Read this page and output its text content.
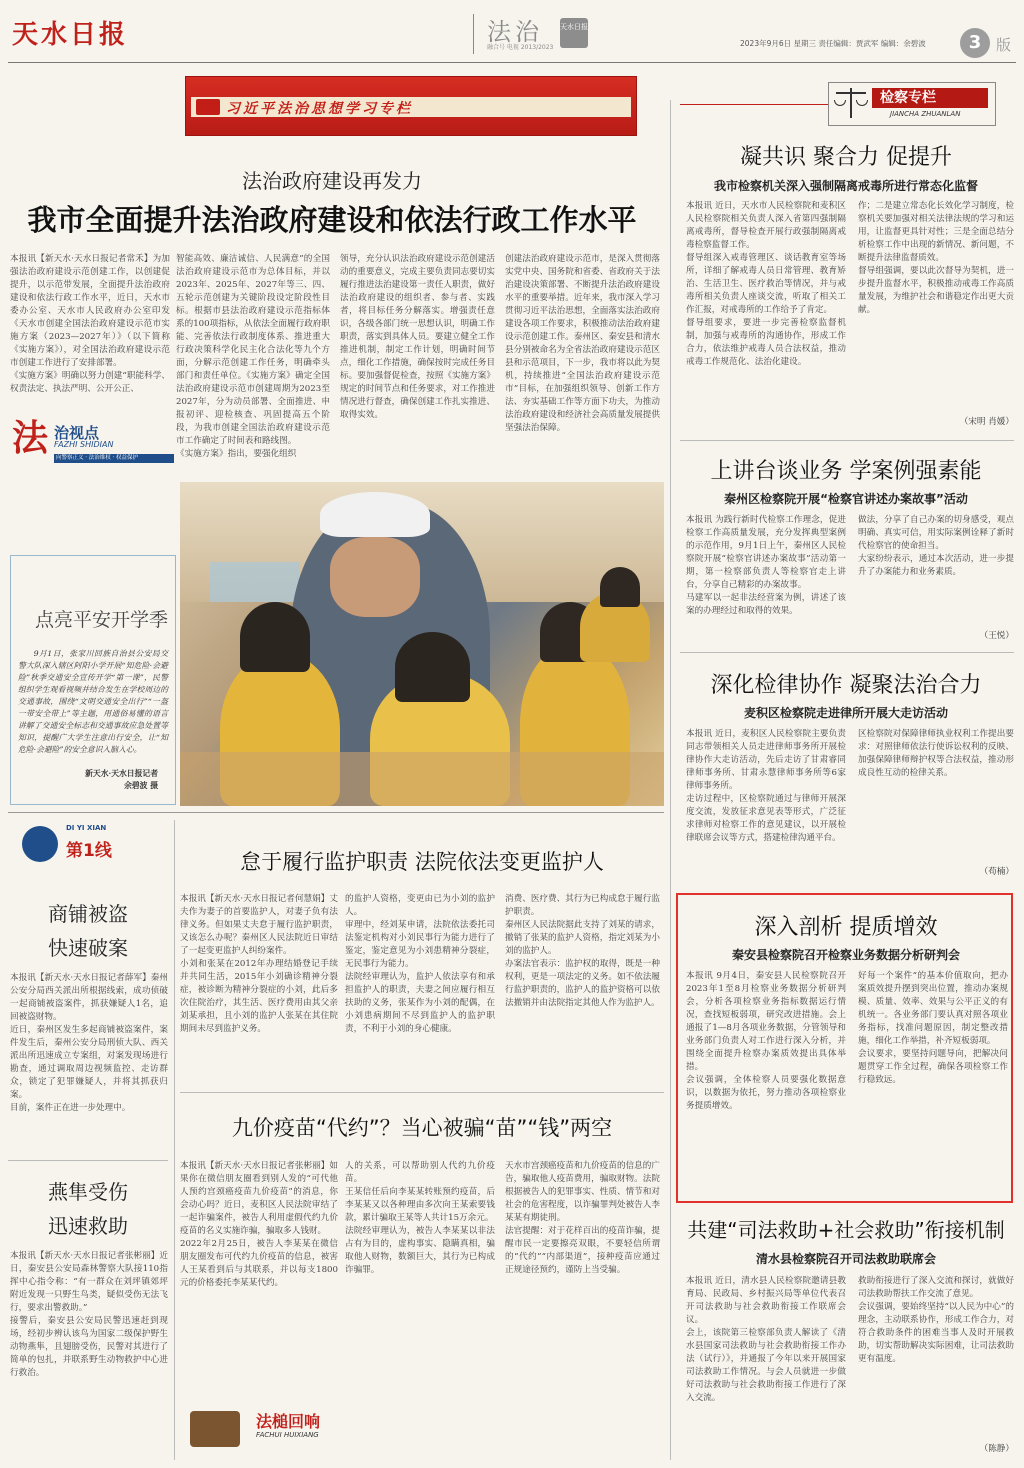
天水日报	法治
融合号 电视 2013/2023
天水日报
2023年9月6日 星期三 责任编辑：贾武军 编辑：余碧波	3 版
习近平法治思想学习专栏
法治政府建设再发力
我市全面提升法治政府建设和依法行政工作水平
本报讯【新天水·天水日报记者常禾】为加强法治政府建设示范创建工作，以创建促提升，以示范带发展，全面提升法治政府建设和依法行政工作水平，近日，天水市委办公室、天水市人民政府办公室印发《天水市创建全国法治政府建设示范市实施方案（2023—2027年）》（以下简称《实施方案》），对全国法治政府建设示范市创建工作进行了安排部署。
《实施方案》明确以努力创建“职能科学、权责法定、执法严明、公开公正、
智能高效、廉洁诚信、人民满意”的全国法治政府建设示范市为总体目标，并以2023年、2025年、2027年等三、四、五轮示范创建为关键阶段设定阶段性目标。根据市县法治政府建设示范指标体系的100项指标，从依法全面履行政府职能、完善依法行政制度体系、推进重大行政决策科学化民主化合法化等九个方面，分解示范创建工作任务，明确牵头部门和责任单位。《实施方案》确定全国法治政府建设示范市创建周期为2023至2027年，分为动员部署、全面推进、申报初评、迎检核查、巩固提高五个阶段，为我市创建全国法治政府建设示范市工作确定了时间表和路线图。
《实施方案》指出，要强化组织
领导，充分认识法治政府建设示范创建活动的重要意义，完成主要负责同志要切实履行推进法治建设第一责任人职责，做好法治政府建设的组织者、参与者、实践者，将目标任务分解落实。增强责任意识，各级各部门统一思想认识，明确工作职责，落实到具体人员。要建立健全工作推进机制，制定工作计划，明确时间节点，细化工作措施，确保按时完成任务目标。要加强督促检查，按照《实施方案》规定的时间节点和任务要求，对工作推进情况进行督查，确保创建工作扎实推进、取得实效。
创建法治政府建设示范市，是深入贯彻落实党中央、国务院和省委、省政府关于法治建设决策部署、不断提升法治政府建设水平的重要举措。近年来，我市深入学习贯彻习近平法治思想，全面落实法治政府建设各项工作要求，积极推动法治政府建设示范创建工作。泰州区、秦安县和清水县分别被命名为全省法治政府建设示范区县和示范项目，下一步，我市将以此为契机，持续推进“全国法治政府建设示范市”目标，在加强组织领导、创新工作方法、夯实基础工作等方面下功夫，为推动法治政府建设和经济社会高质量发展提供坚强法治保障。
法 治视点
FAZHI SHIDIAN
向警察正义 · 法治维权 · 权益保护
点亮平安开学季
9月1日，张家川回族自治县公安局交警大队深入辖区阿阳小学开展“知危险·会避险”秋季交通安全宣传开学“第一课”，民警组织学生观看视频并结合发生在学校周边的交通事故，围绕“文明交通安全出行”“一盔一带安全带上”等主题，用通俗易懂的语言讲解了交通安全标志和交通事故应急处置等知识，提醒广大学生注意出行安全，让“知危险·会避险”的安全意识入脑入心。
新天水·天水日报记者
余碧波 摄
DI YI XIAN
第1线	怠于履行监护职责 法院依法变更监护人
本报讯【新天水·天水日报记者何慧娟】丈夫作为妻子的首要监护人，对妻子负有法律义务。但如果丈夫怠于履行监护职责，又该怎么办呢？秦州区人民法院近日审结了一起变更监护人纠纷案件。
小刘和张某在2012年办理结婚登记手续并共同生活，2015年小刘确诊精神分裂症，被诊断为精神分裂症的小刘，此后多次住院治疗，其生活、医疗费用由其父亲刘某承担，且小刘的监护人张某在其住院期间未尽到监护义务。
的监护人资格，变更由已为小刘的监护人。
审理中，经刘某申请，法院依法委托司法鉴定机构对小刘民事行为能力进行了鉴定，鉴定意见为小刘患精神分裂症，无民事行为能力。
法院经审理认为，监护人依法享有和承担监护人的职责，夫妻之间应履行相互扶助的义务，张某作为小刘的配偶，在小刘患病期间不尽到监护人的监护职责，不利于小刘的身心健康。
消费、医疗费、其行为已构成怠于履行监护职责。
秦州区人民法院据此支持了刘某的请求，撤销了张某的监护人资格，指定刘某为小刘的监护人。
办案法官表示：监护权的取得，既是一种权利，更是一项法定的义务。如不依法履行监护职责的，监护人的监护资格可以依法撤销并由法院指定其他人作为监护人。
商铺被盗
快速破案
本报讯【新天水·天水日报记者薛军】秦州公安分局西关派出所根据线索，成功侦破一起商铺被盗案件，抓获嫌疑人1名，追回被盗财物。
近日，秦州区发生多起商铺被盗案件，案件发生后，秦州公安分局刑侦大队、西关派出所迅速成立专案组，对案发现场进行勘查，通过调取周边视频监控、走访群众，锁定了犯罪嫌疑人，并将其抓获归案。
目前，案件正在进一步处理中。
九价疫苗“代约”？当心被骗“苗”“钱”两空
本报讯【新天水·天水日报记者张彬丽】如果你在微信朋友圈看到别人发的“可代他人预约宫颈癌疫苗九价疫苗”的消息，你会动心吗？近日，麦积区人民法院审结了一起诈骗案件，被告人利用虚假代约九价疫苗的名义实施诈骗，骗取多人钱财。
2022年2月25日，被告人李某某在微信朋友圈发布可代约九价疫苗的信息，被害人王某看到后与其联系，并以每支1800元的价格委托李某某代约。
人的关系，可以帮助别人代约九价疫苗。
王某信任后向李某某转账预约疫苗，后李某某又以各种理由多次向王某索要钱款，累计骗取王某等人共计15万余元。
法院经审理认为，被告人李某某以非法占有为目的，虚构事实、隐瞒真相，骗取他人财物，数额巨大，其行为已构成诈骗罪。
天水市宫颈癌疫苗和九价疫苗的信息的广告，骗取他人疫苗费用，骗取财物。法院根据被告人的犯罪事实、性质、情节和对社会的危害程度，以诈骗罪判处被告人李某某有期徒刑。
法官提醒：对于花样百出的疫苗诈骗，提醒市民一定要擦亮双眼，不要轻信所谓的“代约”“内部渠道”，接种疫苗应通过正规途径预约，谨防上当受骗。
法槌回响
FACHUI HUIXIANG
燕隼受伤
迅速救助
本报讯【新天水·天水日报记者张彬丽】近日，秦安县公安局森林警察大队接110指挥中心指令称：“有一群众在刘坪镇郊坪附近发现一只野生鸟类，疑似受伤无法飞行，要求出警救助。”
接警后，秦安县公安局民警迅速赶到现场，经初步辨认该鸟为国家二级保护野生动物燕隼，且翅膀受伤，民警对其进行了简单的包扎，并联系野生动物救护中心进行救治。
检察专栏
JIANCHA ZHUANLAN
凝共识 聚合力 促提升
我市检察机关深入强制隔离戒毒所进行常态化监督
本报讯 近日，天水市人民检察院和麦积区人民检察院相关负责人深入省第四强制隔离戒毒所，督导检查开展行政强制隔离戒毒检察监督工作。
督导组深入戒毒管理区、谈话教育室等场所，详细了解戒毒人员日常管理、教育矫治、生活卫生、医疗救治等情况，并与戒毒所相关负责人座谈交流，听取了相关工作汇报，对戒毒所的工作给予了肯定。
督导组要求，要进一步完善检察监督机制，加强与戒毒所的沟通协作，形成工作合力，依法维护戒毒人员合法权益，推动戒毒工作规范化、法治化建设。
作；二是建立常态化长效化学习制度，检察机关要加强对相关法律法规的学习和运用，让监督更具针对性；三是全面总结分析检察工作中出现的新情况、新问题，不断提升法律监督质效。
督导组强调，要以此次督导为契机，进一步提升监督水平，积极推动戒毒工作高质量发展，为维护社会和谐稳定作出更大贡献。
（宋明 肖媛）
上讲台谈业务 学案例强素能
秦州区检察院开展“检察官讲述办案故事”活动
本报讯 为践行新时代检察工作理念，促进检察工作高质量发展，充分发挥典型案例的示范作用，9月1日上午，秦州区人民检察院开展“检察官讲述办案故事”活动第一期，第一检察部负责人等检察官走上讲台，分享自己精彩的办案故事。
马建军以一起非法经营案为例，讲述了该案的办理经过和取得的效果。
做法，分享了自己办案的切身感受，观点明确、真实可信，用实际案例诠释了新时代检察官的使命担当。
大家纷纷表示，通过本次活动，进一步提升了办案能力和业务素质。
（王悦）
深化检律协作 凝聚法治合力
麦积区检察院走进律所开展大走访活动
本报讯 近日，麦积区人民检察院主要负责同志带领相关人员走进律师事务所开展检律协作大走访活动，先后走访了甘肃睿同律师事务所、甘肃永慧律师事务所等6家律师事务所。
走访过程中，区检察院通过与律师开展深度交流，发放征求意见表等形式，广泛征求律师对检察工作的意见建议，以开展检律联席会议等方式，搭建检律沟通平台。
区检察院对保障律师执业权利工作提出要求：对照律师依法行使诉讼权利的反映、加强保障律师辩护权等合法权益，推动形成良性互动的检律关系。
（苟楠）
深入剖析 提质增效
秦安县检察院召开检察业务数据分析研判会
本报讯 9月4日，秦安县人民检察院召开2023年1至8月检察业务数据分析研判会，分析各项检察业务指标数据运行情况，查找短板弱项，研究改进措施。会上通报了1—8月各项业务数据，分管领导和业务部门负责人对工作进行深入分析，并围绕全面提升检察办案质效提出具体举措。
会议强调，全体检察人员要强化数据意识，以数据为依托，努力推动各项检察业务提质增效。
好每一个案件“的基本价值取向，把办案质效提升摆到突出位置，推动办案规模、质量、效率、效果与公平正义的有机统一。各业务部门要认真对照各项业务指标，找准问题原因，制定整改措施，细化工作举措，补齐短板弱项。
会议要求，要坚持问题导向，把解决问题贯穿工作全过程，确保各项检察工作行稳致远。
共建“司法救助+社会救助”衔接机制
清水县检察院召开司法救助联席会
本报讯 近日，清水县人民检察院邀请县教育局、民政局、乡村振兴局等单位代表召开司法救助与社会救助衔接工作联席会议。
会上，该院第三检察部负责人解读了《清水县国家司法救助与社会救助衔接工作办法（试行）》，并通报了今年以来开展国家司法救助工作情况。与会人员就进一步做好司法救助与社会救助衔接工作进行了深入交流。
救助衔接进行了深入交流和探讨，就做好司法救助帮扶工作交流了意见。
会议强调，要始终坚持“以人民为中心”的理念，主动联系协作，形成工作合力，对符合救助条件的困难当事人及时开展救助，切实帮助解决实际困难，让司法救助更有温度。
（陈静）
